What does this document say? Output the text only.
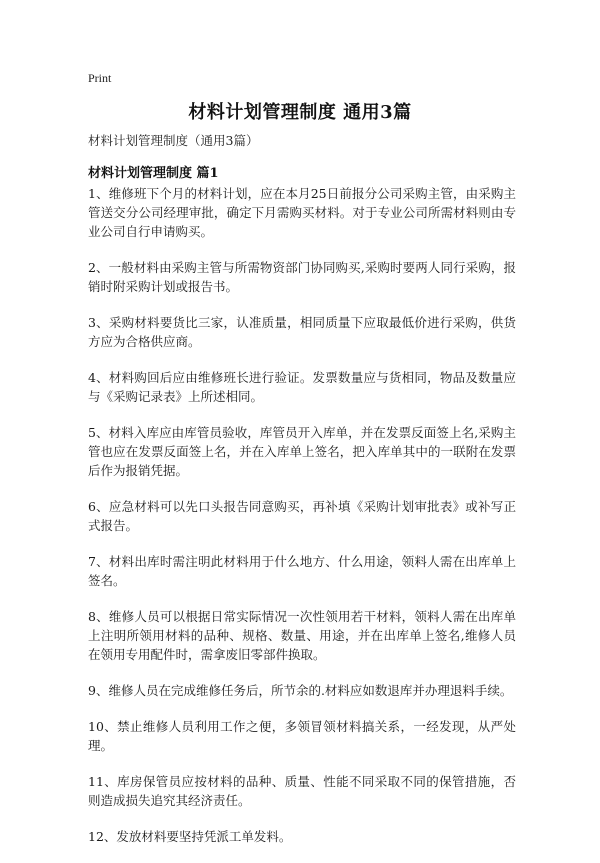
Print
材料计划管理制度 通用3篇
材料计划管理制度（通用3篇）
材料计划管理制度 篇1
1、维修班下个月的材料计划，应在本月25日前报分公司采购主管，由采购主管送交分公司经理审批，确定下月需购买材料。对于专业公司所需材料则由专业公司自行申请购买。
2、一般材料由采购主管与所需物资部门协同购买,采购时要两人同行采购，报销时附采购计划或报告书。
3、采购材料要货比三家，认准质量，相同质量下应取最低价进行采购，供货方应为合格供应商。
4、材料购回后应由维修班长进行验证。发票数量应与货相同，物品及数量应与《采购记录表》上所述相同。
5、材料入库应由库管员验收，库管员开入库单，并在发票反面签上名,采购主管也应在发票反面签上名，并在入库单上签名，把入库单其中的一联附在发票后作为报销凭据。
6、应急材料可以先口头报告同意购买，再补填《采购计划审批表》或补写正式报告。
7、材料出库时需注明此材料用于什么地方、什么用途，领料人需在出库单上签名。
8、维修人员可以根据日常实际情况一次性领用若干材料，领料人需在出库单上注明所领用材料的品种、规格、数量、用途，并在出库单上签名,维修人员在领用专用配件时，需拿废旧零部件换取。
9、维修人员在完成维修任务后，所节余的.材料应如数退库并办理退料手续。
10、禁止维修人员利用工作之便，多领冒领材料搞关系，一经发现，从严处理。
11、库房保管员应按材料的品种、质量、性能不同采取不同的保管措施，否则造成损失追究其经济责任。
12、发放材料要坚持凭派工单发料。
